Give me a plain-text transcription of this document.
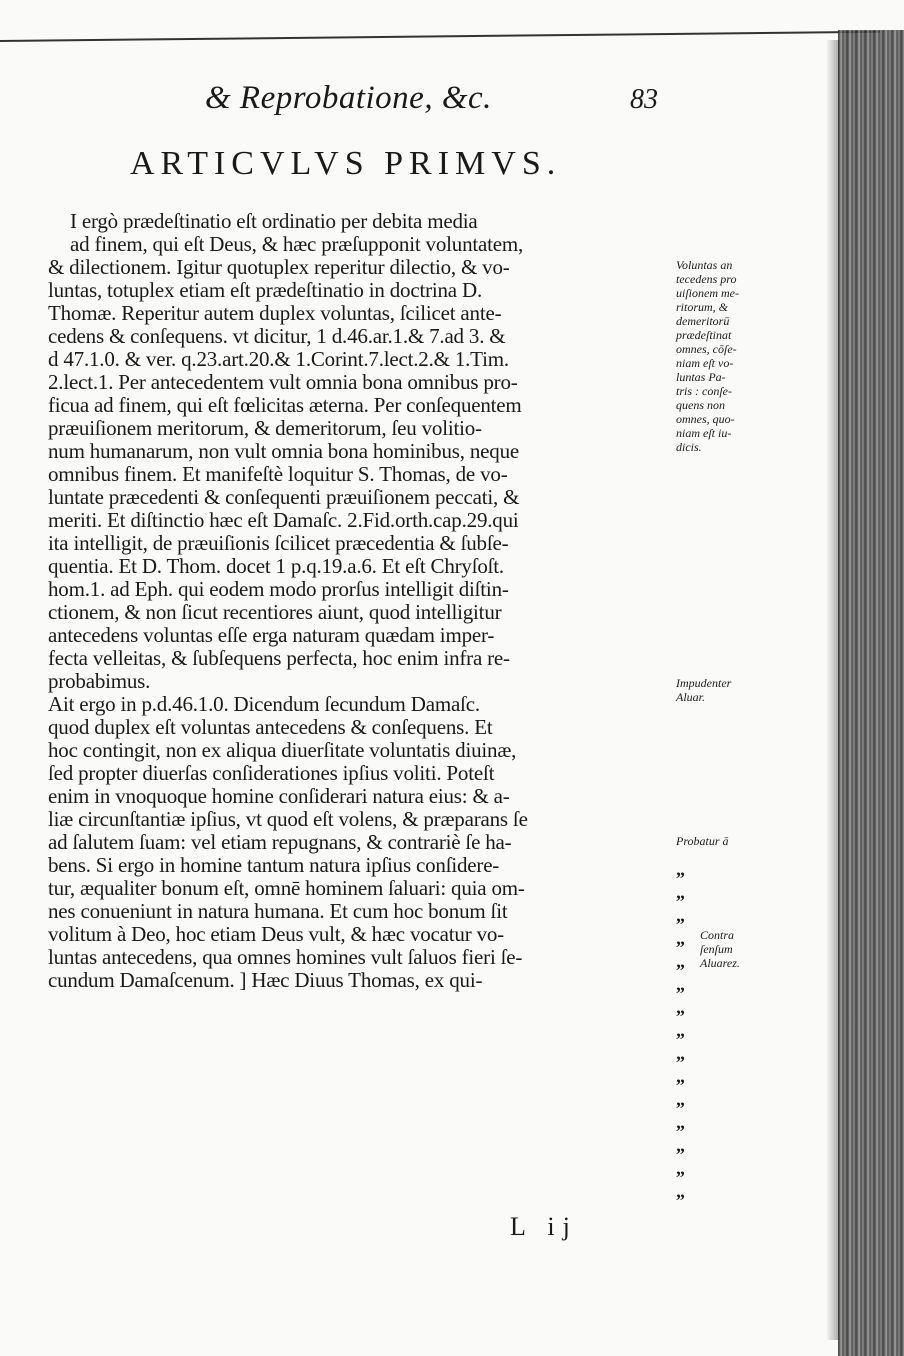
& Reprobatione, &c.	83
ARTICVLVS PRIMVS.
I ergò prædeſtinatio eſt ordinatio per debita media
ad finem, qui eſt Deus, & hæc præſupponit voluntatem,
& dilectionem. Igitur quotuplex reperitur dilectio, & vo-
luntas, totuplex etiam eſt prædeſtinatio in doctrina D.
Thomæ. Reperitur autem duplex voluntas, ſcilicet ante-
cedens & conſequens. vt dicitur, 1 d.46.ar.1.& 7.ad 3. &
d 47.1.0. & ver. q.23.art.20.& 1.Corint.7.lect.2.& 1.Tim.
2.lect.1. Per antecedentem vult omnia bona omnibus pro-
ficua ad finem, qui eſt fœlicitas æterna. Per conſequentem
præuiſionem meritorum, & demeritorum, ſeu volitio-
num humanarum, non vult omnia bona hominibus, neque
omnibus finem. Et manifeſtè loquitur S. Thomas, de vo-
luntate præcedenti & conſequenti præuiſionem peccati, &
meriti. Et diſtinctio hæc eſt Damaſc. 2.Fid.orth.cap.29.qui
ita intelligit, de præuiſionis ſcilicet præcedentia & ſubſe-
quentia. Et D. Thom. docet 1 p.q.19.a.6. Et eſt Chryſoſt.
hom.1. ad Eph. qui eodem modo prorſus intelligit diſtin-
ctionem, & non ſicut recentiores aiunt, quod intelligitur
antecedens voluntas eſſe erga naturam quædam imper-
fecta velleitas, & ſubſequens perfecta, hoc enim infra re-
probabimus.
Ait ergo in p.d.46.1.0. Dicendum ſecundum Damaſc.
quod duplex eſt voluntas antecedens & conſequens. Et
hoc contingit, non ex aliqua diuerſitate voluntatis diuinæ,
ſed propter diuerſas conſiderationes ipſius voliti. Poteſt
enim in vnoquoque homine conſiderari natura eius: & a-
liæ circunſtantiæ ipſius, vt quod eſt volens, & præparans ſe
ad ſalutem ſuam: vel etiam repugnans, & contrariè ſe ha-
bens. Si ergo in homine tantum natura ipſius conſidere-
tur, æqualiter bonum eſt, omnē hominem ſaluari: quia om-
nes conueniunt in natura humana. Et cum hoc bonum ſit
volitum à Deo, hoc etiam Deus vult, & hæc vocatur vo-
luntas antecedens, qua omnes homines vult ſaluos fieri ſe-
cundum Damaſcenum. ] Hæc Diuus Thomas, ex qui-
Voluntas an
tecedens pro
uiſionem me-
ritorum, &
demeritorū
prædeſtinat
omnes, cōſe-
niam eſt vo-
luntas Pa-
tris : conſe-
quens non
omnes, quo-
niam eſt iu-
dicis.
Impudenter
Aluar.
Probatur ā
Contra
ſenſum
Aluarez.
„
„
„
„
„
„
„
„
„
„
„
„
„
„
„
L ij
